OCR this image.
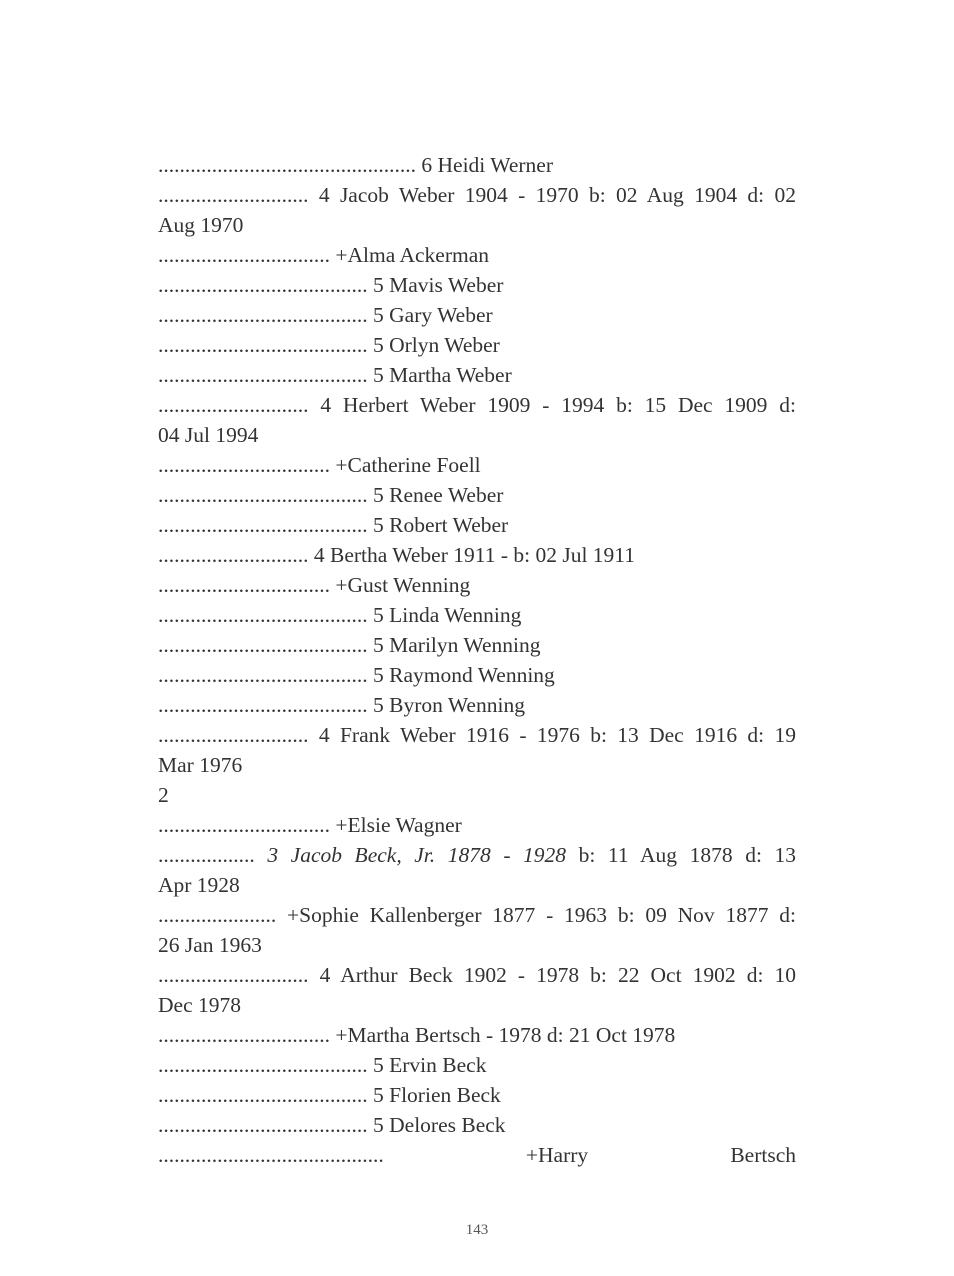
................................................ 6 Heidi Werner
............................ 4 Jacob Weber 1904 - 1970 b: 02 Aug 1904 d: 02
Aug 1970
................................ +Alma Ackerman
....................................... 5 Mavis Weber
....................................... 5 Gary Weber
....................................... 5 Orlyn Weber
....................................... 5 Martha Weber
............................ 4 Herbert Weber 1909 - 1994 b: 15 Dec 1909 d:
04 Jul 1994
................................ +Catherine Foell
....................................... 5 Renee Weber
....................................... 5 Robert Weber
............................ 4 Bertha Weber 1911 - b: 02 Jul 1911
................................ +Gust Wenning
....................................... 5 Linda Wenning
....................................... 5 Marilyn Wenning
....................................... 5 Raymond Wenning
....................................... 5 Byron Wenning
............................ 4 Frank Weber 1916 - 1976 b: 13 Dec 1916 d: 19
Mar 1976
2
................................ +Elsie Wagner
.................. 3 Jacob Beck, Jr. 1878 - 1928 b: 11 Aug 1878 d: 13
Apr 1928
...................... +Sophie Kallenberger 1877 - 1963 b: 09 Nov 1877 d:
26 Jan 1963
............................ 4 Arthur Beck 1902 - 1978 b: 22 Oct 1902 d: 10
Dec 1978
................................ +Martha Bertsch - 1978 d: 21 Oct 1978
....................................... 5 Ervin Beck
....................................... 5 Florien Beck
....................................... 5 Delores Beck
..........................................	+Harry	Bertsch
143
